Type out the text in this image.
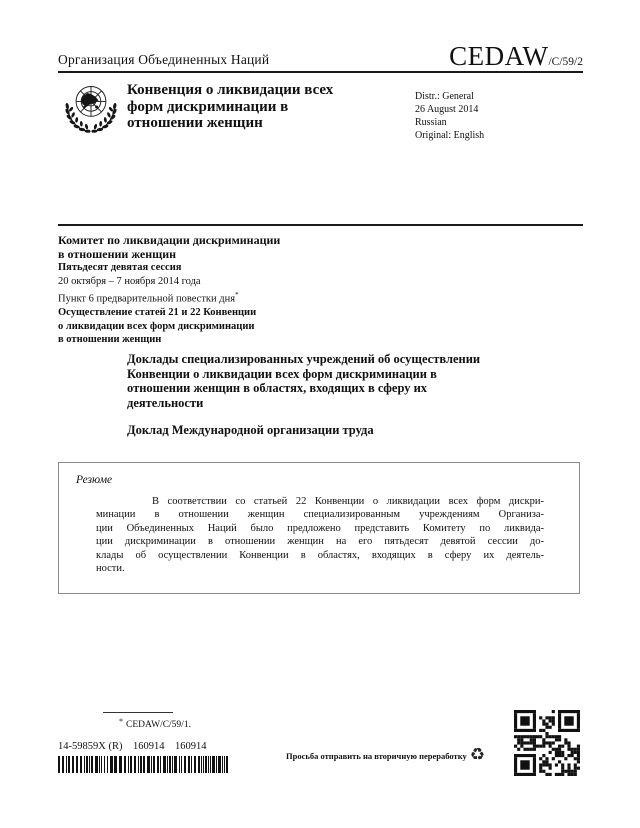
Организация Объединенных Наций	CEDAW/C/59/2
Конвенция о ликвидации всех
форм дискриминации в
отношении женщин
Distr.: General
26 August 2014
Russian
Original: English
Комитет по ликвидации дискриминации
в отношении женщин
Пятьдесят девятая сессия
20 октября – 7 ноября 2014 года
Пункт 6 предварительной повестки дня*
Осуществление статей 21 и 22 Конвенции
о ликвидации всех форм дискриминации
в отношении женщин
Доклады специализированных учреждений об осуществлении
Конвенции о ликвидации всех форм дискриминации в
отношении женщин в областях, входящих в сферу их
деятельности
Доклад Международной организации труда
Резюме
В соответствии со статьей 22 Конвенции о ликвидации всех форм дискри-
минации в отношении женщин специализированным учреждениям Организа-
ции Объединенных Наций было предложено представить Комитету по ликвида-
ции дискриминации в отношении женщин на его пятьдесят девятой сессии до-
клады об осуществлении Конвенции в областях, входящих в сферу их деятель-
ности.
* CEDAW/C/59/1.
14-59859X (R)    160914    160914
Просьба отправить на вторичную переработку ♻
